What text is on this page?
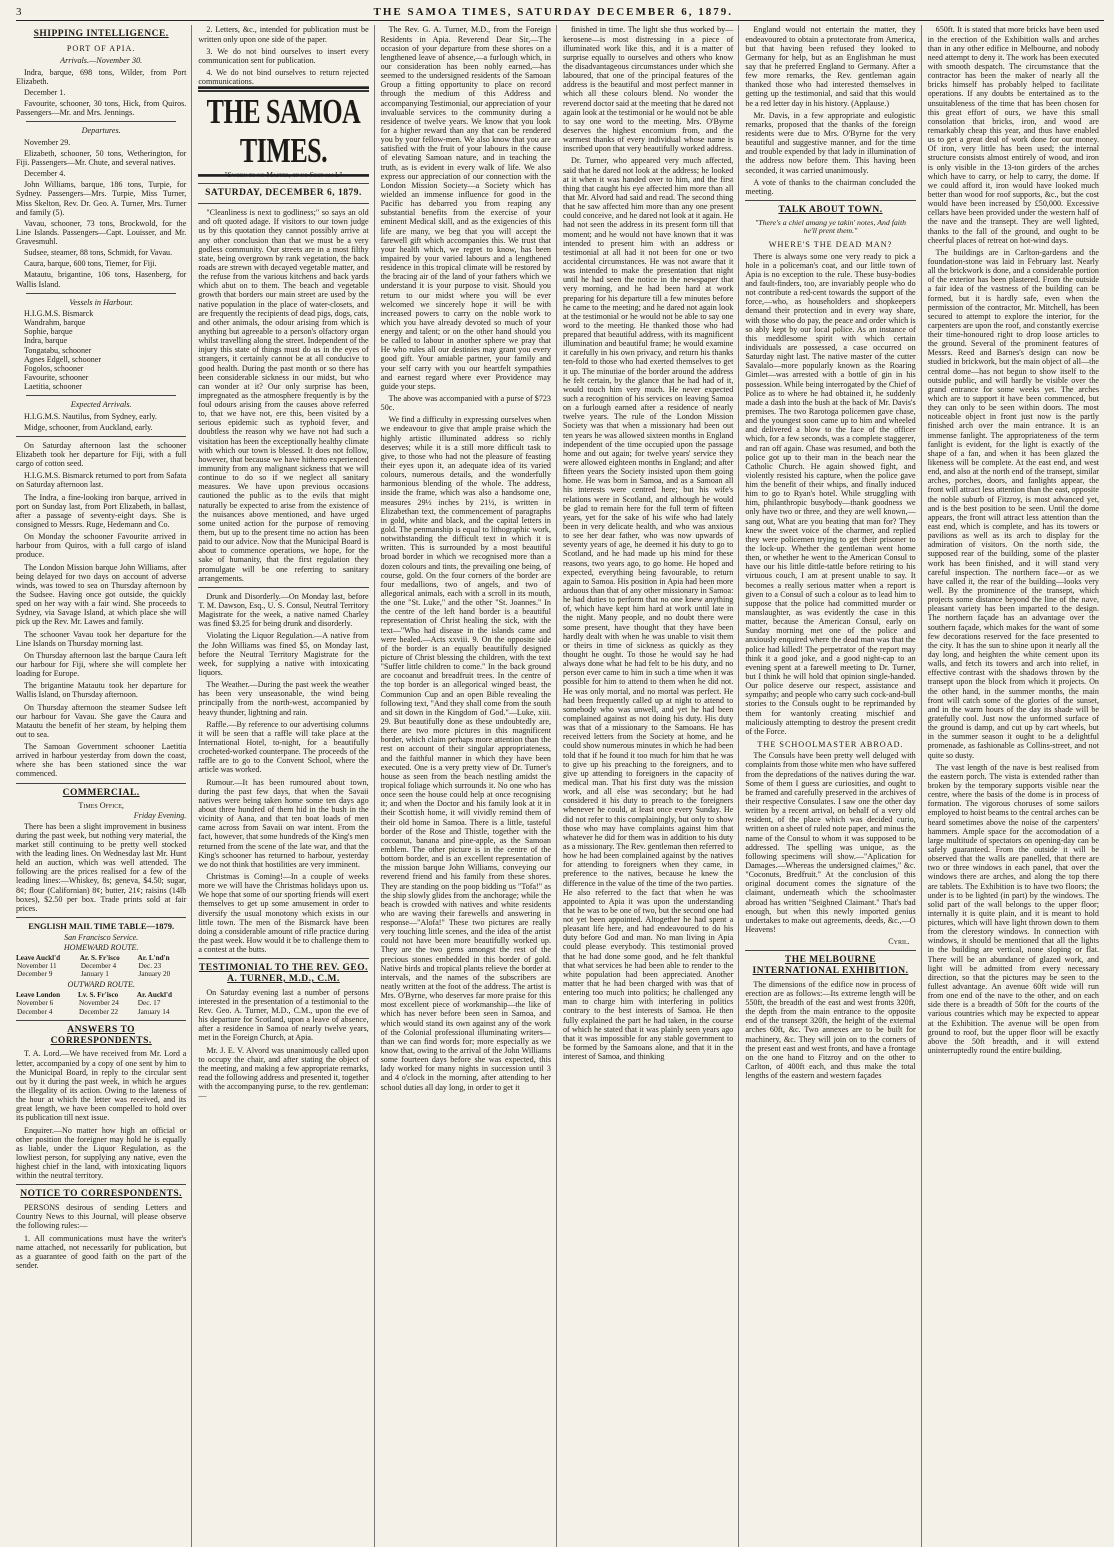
3	THE SAMOA TIMES, SATURDAY DECEMBER 6, 1879.
SHIPPING INTELLIGENCE.
PORT OF APIA.
Arrivals.—November 30.
Indra, barque, 698 tons, Wilder, from Port Elizabeth.
December 1.
Favourite, schooner, 30 tons, Hick, from Quiros. Passengers—Mr. and Mrs. Jennings.
Departures.
November 29.
Elizabeth, schooner, 50 tons, Wetherington, for Fiji. Passengers—Mr. Chute, and several natives.
December 4.
John Williams, barque, 186 tons, Turpie, for Sydney. Passengers—Mrs. Turpie, Miss Turner, Miss Skelton, Rev. Dr. Geo. A. Turner, Mrs. Turner and family (5).
Vavau, schooner, 73 tons, Brockwold, for the Line Islands. Passengers—Capt. Louisser, and Mr. Gravesmuhl.
Sudsee, steamer, 88 tons, Schmidt, for Vavau.
Caura, barque, 600 tons, Tiemer, for Fiji.
Matautu, brigantine, 106 tons, Hasenberg, for Wallis Island.
Vessels in Harbour.
H.I.G.M.S. Bismarck
Wandrahm, barque
Sophie, barque
Indra, barque
Tongatabu, schooner
Agnes Edgell, schooner
Fogolos, schooner
Favourite, schooner
Laetitia, schooner
Expected Arrivals.
H.I.G.M.S. Nautilus, from Sydney, early.
Midge, schooner, from Auckland, early.

On Saturday afternoon last the schooner Elizabeth took her departure for Fiji, with a full cargo of cotton seed.

H.I.G.M.S. Bismarck returned to port from Safata on Saturday afternoon last.

The Indra, a fine-looking iron barque, arrived in port on Sunday last, from Port Elizabeth, in ballast, after a passage of seventy-eight days. She is consigned to Messrs. Ruge, Hedemann and Co.

On Monday the schooner Favourite arrived in harbour from Quiros, with a full cargo of island produce.

The London Mission barque John Williams, after being delayed for two days on account of adverse winds, was towed to sea on Thursday afternoon by the Sudsee. Having once got outside, the quickly sped on her way with a fair wind. She proceeds to Sydney, via Savage Island, at which place she will pick up the Rev. Mr. Lawes and family.

The schooner Vavau took her departure for the Line Islands on Thursday morning last.

On Thursday afternoon last the barque Caura left our harbour for Fiji, where she will complete her loading for Europe.

The brigantine Matautu took her departure for Wallis Island, on Thursday afternoon.

On Thursday afternoon the steamer Sudsee left our harbour for Vavau. She gave the Caura and Matautu the benefit of her steam, by helping them out to sea.

The Samoan Government schooner Laetitia arrived in harbour yesterday from down the coast, where she has been stationed since the war commenced.

COMMERCIAL.
Times Office,
Friday Evening.

There has been a slight improvement in business during the past week, but nothing very material, the market still continuing to be pretty well stocked with the leading lines. On Wednesday last Mr. Hunt held an auction, which was well attended. The following are the prices realised for a few of the leading lines:—Whiskey, 8s; geneva, $4.50; sugar, 8¢; flour (Californian) 8¢; butter, 21¢; raisins (14lb boxes), $2.50 per box. Trade prints sold at fair prices.

ENGLISH MAIL TIME TABLE—1879.
San Francisco Service.
HOMEWARD ROUTE.
Leave Auckl'd	Ar. S. Fr'isco	Ar. L'nd'n
November 11	December 4	Dec. 23
December 9	January 1	January 20
OUTWARD ROUTE.
Leave London	Lv. S. Fr'isco	Ar. Auckl'd
November 6	November 24	Dec. 17
December 4	December 22	January 14
ANSWERS TO CORRESPONDENTS.

T. A. Lord.—We have received from Mr. Lord a letter, accompanied by a copy of one sent by him to the Municipal Board, in reply to the circular sent out by it during the past week, in which he argues the illegality of its action. Owing to the lateness of the hour at which the letter was received, and its great length, we have been compelled to hold over its publication till next issue.

Enquirer.—No matter how high an official or other position the foreigner may hold he is equally as liable, under the Liquor Regulation, as the lowliest person, for supplying any native, even the highest chief in the land, with intoxicating liquors within the neutral territory.

NOTICE TO CORRESPONDENTS.

PERSONS desirous of sending Letters and Country News to this Journal, will please observe the following rules:—

1. All communications must have the writer's name attached, not necessarily for publication, but as a guarantee of good faith on the part of the sender.

2. Letters, &c., intended for publication must be written only upon one side of the paper.

3. We do not bind ourselves to insert every communication sent for publication.

4. We do not bind ourselves to return rejected communications.

THE SAMOA TIMES.
"Sworn to no Master, of no Sect am I."
SATURDAY, DECEMBER 6, 1879.

"Cleanliness is next to godliness;" so says an old and oft quoted adage. If visitors to our town judge us by this quotation they cannot possibly arrive at any other conclusion than that we must be a very godless community. Our streets are in a most filthy state, being overgrown by rank vegetation, the back roads are strewn with decayed vegetable matter, and the refuse from the various kitchens and back yards which abut on to them. The beach and vegetable growth that borders our main street are used by the native population in the place of water-closets, and are frequently the recipients of dead pigs, dogs, cats, and other animals, the odour arising from which is anything but agreeable to a person's olfactory organ whilst travelling along the street. Independent of the injury this state of things must do us in the eyes of strangers, it certainly cannot be at all conducive to good health. During the past month or so there has been considerable sickness in our midst, but who can wonder at it? Our only surprise has been, impregnated as the atmosphere frequently is by the foul odours arising from the causes above referred to, that we have not, ere this, been visited by a serious epidemic such as typhoid fever, and doubtless the reason why we have not had such a visitation has been the exceptionally healthy climate with which our town is blessed. It does not follow, however, that because we have hitherto experienced immunity from any malignant sickness that we will continue to do so if we neglect all sanitary measures. We have upon previous occasions cautioned the public as to the evils that might naturally be expected to arise from the existence of the nuisances above mentioned, and have urged some united action for the purpose of removing them, but up to the present time no action has been paid to our advice. Now that the Municipal Board is about to commence operations, we hope, for the sake of humanity, that the first regulation they promulgate will be one referring to sanitary arrangements.

Drunk and Disorderly.—On Monday last, before T. M. Dawson, Esq., U. S. Consul, Neutral Territory Magistrate for the week, a native named Charley was fined $3.25 for being drunk and disorderly.

Violating the Liquor Regulation.—A native from the John Williams was fined $5, on Monday last, before the Neutral Territory Magistrate for the week, for supplying a native with intoxicating liquors.

The Weather.—During the past week the weather has been very unseasonable, the wind being principally from the north-west, accompanied by heavy thunder, lightning and rain.

Raffle.—By reference to our advertising columns it will be seen that a raffle will take place at the International Hotel, to-night, for a beautifully crocheted-worked counterpane. The proceeds of the raffle are to go to the Convent School, where the article was worked.

Rumour.—It has been rumoured about town, during the past few days, that when the Savaii natives were being taken home some ten days ago about three hundred of them hid in the bush in the vicinity of Aana, and that ten boat loads of men came across from Savaii on war intent. From the fact, however, that some hundreds of the King's men returned from the scene of the late war, and that the King's schooner has returned to harbour, yesterday we do not think that hostilities are very imminent.

Christmas is Coming!—In a couple of weeks more we will have the Christmas holidays upon us. We hope that some of our sporting friends will exert themselves to get up some amusement in order to diversify the usual monotony which exists in our little town. The men of the Bismarck have been doing a considerable amount of rifle practice during the past week. How would it be to challenge them to a contest at the butts.

TESTIMONIAL TO THE REV. GEO. A. TURNER, M.D., C.M.

On Saturday evening last a number of persons interested in the presentation of a testimonial to the Rev. Geo. A. Turner, M.D., C.M., upon the eve of his departure for Scotland, upon a leave of absence, after a residence in Samoa of nearly twelve years, met in the Foreign Church, at Apia.

Mr. J. E. V. Alvord was unanimously called upon to occupy the chair, and after stating the object of the meeting, and making a few appropriate remarks, read the following address and presented it, together with the accompanying purse, to the rev. gentleman:—

The Rev. G. A. Turner, M.D., from the Foreign Residents in Apia. Reverend Dear Sir,—The occasion of your departure from these shores on a lengthened leave of absence,—a furlough which, in our consideration has been nobly earned,—has seemed to the undersigned residents of the Samoan Group a fitting opportunity to place on record through the medium of this Address and accompanying Testimonial, our appreciation of your invaluable services to the community during a residence of twelve years. We know that you look for a higher reward than any that can be rendered you by your fellow-men. We also know that you are satisfied with the fruit of your labours in the cause of elevating Samoan nature, and in teaching the truth, as is evident in every walk of life. We also express our appreciation of our connection with the London Mission Society—a Society which has wielded an immense influence for good in the Pacific has debarred you from reaping any substantial benefits from the exercise of your eminent Medical skill, and as the exigencies of this life are many, we beg that you will accept the farewell gift which accompanies this. We trust that your health which, we regret to know, has been impaired by your varied labours and a lengthened residence in this tropical climate will be restored by the bracing air of the land of your fathers which we understand it is your purpose to visit. Should you return to our midst where you will be ever welcomed we sincerely hope it will be with increased powers to carry on the noble work to which you have already devoted so much of your energy and talent; or on the other hand should you be called to labour in another sphere we pray that He who rules all our destinies may grant you every good gift. Your amiable partner, your family and your self carry with you our heartfelt sympathies and earnest regard where ever Providence may guide your steps.

The above was accompanied with a purse of $723 50c.

We find a difficulty in expressing ourselves when we endeavour to give that ample praise which the highly artistic illuminated address so richly deserves; while it is a still more difficult task to give, to those who had not the pleasure of feasting their eyes upon it, an adequate idea of its varied colours, numerous details, and the wonderfully harmonious blending of the whole. The address, inside the frame, which was also a handsome one, measures 29½ inches by 21½, is written in Elizabethan text, the commencement of paragraphs in gold, white and black, and the capital letters in gold. The penmanship is equal to lithographic work, notwithstanding the difficult text in which it is written. This is surrounded by a most beautiful broad border in which we recognised more than a dozen colours and tints, the prevailing one being, of course, gold. On the four corners of the border are four medallions, two of angels, and two of allegorical animals, each with a scroll in its mouth, the one "St. Luke," and the other "St. Joannes." In the centre of the left hand border is a beautiful representation of Christ healing the sick, with the text—"Who had disease in the islands came and were healed.—Acts xxviii. 9. On the opposite side of the border is an equally beautifully designed picture of Christ blessing the children, with the text "Suffer little children to come." In the back ground are cocoanut and breadfruit trees. In the centre of the top border is an allegorical winged beast, the Communion Cup and an open Bible revealing the following text, "And they shall come from the south and sit down in the Kingdom of God."—Luke, xiii. 29. But beautifully done as these undoubtedly are, there are two more pictures in this magnificent border, which claim perhaps more attention than the rest on account of their singular appropriateness, and the faithful manner in which they have been executed. One is a very pretty view of Dr. Turner's house as seen from the beach nestling amidst the tropical foliage which surrounds it. No one who has once seen the house could help at once recognising it; and when the Doctor and his family look at it in their Scottish home, it will vividly remind them of their old home in Samoa. There is a little, tasteful border of the Rose and Thistle, together with the cocoanut, banana and pine-apple, as the Samoan emblem. The other picture is in the centre of the bottom border, and is an excellent representation of the mission barque John Williams, conveying our reverend friend and his family from these shores. They are standing on the poop bidding us "Tofa!" as the ship slowly glides from the anchorage; while the beach is crowded with natives and white residents who are waving their farewells and answering in response—"Alofa!" These two pictures are really very touching little scenes, and the idea of the artist could not have been more beautifully worked up. They are the two gems amongst the rest of the precious stones embedded in this border of gold. Native birds and tropical plants relieve the border at intervals, and the names of the subscribers are neatly written at the foot of the address. The artist is Mrs. O'Byrne, who deserves far more praise for this most excellent piece of workmanship—the like of which has never before been seen in Samoa, and which would stand its own against any of the work of the Colonial professional illuminating writers—than we can find words for; more especially as we know that, owing to the arrival of the John Williams some fourteen days before she was expected, this lady worked for many nights in succession until 3 and 4 o'clock in the morning, after attending to her school duties all day long, in order to get it

finished in time. The light she thus worked by—kerosene—is most distressing in a piece of illuminated work like this, and it is a matter of surprise equally to ourselves and others who know the disadvantageous circumstances under which she laboured, that one of the principal features of the address is the beautiful and most perfect manner in which all these colours blend. No wonder the reverend doctor said at the meeting that he dared not again look at the testimonial or he would not be able to say one word to the meeting. Mrs. O'Byrne deserves the highest encomium from, and the warmest thanks of every individual whose name is inscribed upon that very beautifully worked address.

Dr. Turner, who appeared very much affected, said that he dared not look at the address; he looked at it when it was handed over to him, and the first thing that caught his eye affected him more than all that Mr. Alvord had said and read. The second thing that he saw affected him more than any one present could conceive, and he dared not look at it again. He had not seen the address in its present form till that moment; and he would not have known that it was intended to present him with an address or testimonial at all had it not been for one or two accidental circumstances. He was not aware that it was intended to make the presentation that night until he had seen the notice in the newspaper that very morning, and he had been hard at work preparing for his departure till a few minutes before he came to the meeting; and he dared not again look at the testimonial or he would not be able to say one word to the meeting. He thanked those who had prepared that beautiful address, with its magnificent illumination and beautiful frame; he would examine it carefully in his own privacy, and return his thanks ten-fold to those who had exerted themselves to get it up. The minutiae of the border around the address he felt certain, by the glance that he had had of it, would touch him very much. He never expected such a recognition of his services on leaving Samoa on a furlough earned after a residence of nearly twelve years. The rule of the London Mission Society was that when a missionary had been out ten years he was allowed sixteen months in England independent of the time occupied upon the passage home and out again; for twelve years' service they were allowed eighteen months in England; and after fifteen years the Society insisted upon them going home. He was born in Samoa, and as a Samoan all his interests were centred here; but his wife's relations were in Scotland, and although he would be glad to remain here for the full term of fifteen years, yet for the sake of his wife who had lately been in very delicate health, and who was anxious to see her dear father, who was now upwards of seventy years of age, he deemed it his duty to go to Scotland, and he had made up his mind for these reasons, two years ago, to go home. He hoped and expected, everything being favourable, to return again to Samoa. His position in Apia had been more arduous than that of any other missionary in Samoa: he had duties to perform that no one knew anything of, which have kept him hard at work until late in the night. Many people, and no doubt there were some present, have thought that they have been hardly dealt with when he was unable to visit them or theirs in time of sickness as quickly as they thought he ought. To those he would say he had always done what he had felt to be his duty, and no person ever came to him in such a time when it was possible for him to attend to them when he did not. He was only mortal, and no mortal was perfect. He had been frequently called up at night to attend to somebody who was unwell, and yet he had been complained against as not doing his duty. His duty was that of a missionary to the Samoans. He has received letters from the Society at home, and he could show numerous minutes in which he had been told that if he found it too much for him that he was to give up his preaching to the foreigners, and to give up attending to foreigners in the capacity of medical man. That his first duty was the mission work, and all else was secondary; but he had considered it his duty to preach to the foreigners whenever he could, at least once every Sunday. He did not refer to this complainingly, but only to show those who may have complaints against him that whatever he did for them was in addition to his duty as a missionary. The Rev. gentleman then referred to how he had been complained against by the natives for attending to foreigners when they came, in preference to the natives, because he knew the difference in the value of the time of the two parties. He also referred to the fact that when he was appointed to Apia it was upon the understanding that he was to be one of two, but the second one had not yet been appointed. Altogether he had spent a pleasant life here, and had endeavoured to do his duty before God and man. No man living in Apia could please everybody. This testimonial proved that he had done some good, and he felt thankful that what services he had been able to render to the white population had been appreciated. Another matter that he had been charged with was that of entering too much into politics; he challenged any man to charge him with interfering in politics contrary to the best interests of Samoa. He then fully explained the part he had taken, in the course of which he stated that it was plainly seen years ago that it was impossible for any stable government to be formed by the Samoans alone, and that it in the interest of Samoa, and thinking

England would not entertain the matter, they endeavoured to obtain a protectorate from America, but that having been refused they looked to Germany for help, but as an Englishman he must say that he preferred England to Germany. After a few more remarks, the Rev. gentleman again thanked those who had interested themselves in getting up the testimonial, and said that this would be a red letter day in his history. (Applause.)

Mr. Davis, in a few appropriate and eulogistic remarks, proposed that the thanks of the foreign residents were due to Mrs. O'Byrne for the very beautiful and suggestive manner, and for the time and trouble expended by that lady in illumination of the address now before them. This having been seconded, it was carried unanimously.

A vote of thanks to the chairman concluded the meeting.

TALK ABOUT TOWN.
"There's a chiel amang ye takin' notes, And faith he'll prent them."
WHERE'S THE DEAD MAN?

There is always some one very ready to pick a hole in a policeman's coat, and our little town of Apia is no exception to the rule. These busy-bodies and fault-finders, too, are invariably people who do not contribute a red-cent towards the support of the force,—who, as householders and shopkeepers demand their protection and in every way share, with those who do pay, the peace and order which is so ably kept by our local police. As an instance of this meddlesome spirit with which certain individuals are possessed, a case occurred on Saturday night last. The native master of the cutter Savalalo—more popularly known as the Roaring Gimlet—was arrested with a bottle of gin in his possession. While being interrogated by the Chief of Police as to where he had obtained it, he suddenly made a dash into the bush at the back of Mr. Davis's premises. The two Rarotoga policemen gave chase, and the youngest soon came up to him and wheeled and delivered a blow to the face of the officer which, for a few seconds, was a complete staggerer, and ran off again. Chase was resumed, and both the police got up to their man in the beach near the Catholic Church. He again showed fight, and violently resisted his capture, when the police gave him the benefit of their whips, and finally induced him to go to Ryan's hotel. While struggling with him, philanthropic busybody—thank goodness we only have two or three, and they are well known,—sang out, What are you beating that man for? They knew the sweet voice of the charmer, and replied they were policemen trying to get their prisoner to the lock-up. Whether the gentleman went home then, or whether he went to the American Consul to have our his little dittle-tattle before retiring to his virtuous couch, I am at present unable to say. It becomes a really serious matter when a report is given to a Consul of such a colour as to lead him to suppose that the police had committed murder or manslaughter, as was evidently the case in this matter, because the American Consul, early on Sunday morning met one of the police and anxiously enquired where the dead man was that the police had killed! The perpetrator of the report may think it a good joke, and a good night-cap to an evening spent at a farewell meeting to Dr. Turner, but I think he will hold that opinion single-handed. Our police deserve our respect, assistance and sympathy; and people who carry such cock-and-bull stories to the Consuls ought to be reprimanded by them for wantonly creating mischief and maliciously attempting to destroy the present credit of the Force.

THE SCHOOLMASTER ABROAD.

The Consuls have been pretty well deluged with complaints from those white men who have suffered from the depredations of the natives during the war. Some of them I guess are curiosities, and ought to be framed and carefully preserved in the archives of their respective Consulates. I saw one the other day written by a recent arrival, on behalf of a very old resident, of the place which was decided curio, written on a sheet of ruled note paper, and minus the name of the Consul to whom it was supposed to be addressed. The spelling was unique, as the following specimens will show.—"Aplication for Damages.—Whereas the undersigned claimes," &c. "Coconuts, Bredfruit." At the conclusion of this original document comes the signature of the claimant, underneath which the schoolmaster abroad has written "Seighned Claimant." That's bad enough, but when this newly imported genius undertakes to make out agreements, deeds, &c.,—O Heavens!

Cyril.
THE MELBOURNE INTERNATIONAL EXHIBITION.

The dimensions of the edifice now in process of erection are as follows:—Its extreme length will be 550ft, the breadth of the east and west fronts 320ft, the depth from the main entrance to the opposite end of the transept 320ft, the height of the external arches 60ft, &c. Two annexes are to be built for machinery, &c. They will join on to the corners of the present east and west fronts, and have a frontage on the one hand to Fitzroy and on the other to Carlton, of 400ft each, and thus make the total lengths of the eastern and western façades

650ft. It is stated that more bricks have been used in the erection of the Exhibition walls and arches than in any other edifice in Melbourne, and nobody need attempt to deny it. The work has been executed with smooth despatch. The circumstance that the contractor has been the maker of nearly all the bricks himself has probably helped to facilitate operations. If any doubts be entertained as to the unsuitableness of the time that has been chosen for this great effort of ours, we have this small consolation that bricks, iron, and wood are remarkably cheap this year, and thus have enabled us to get a great deal of work done for our money. Of iron, very little has been used; the internal structure consists almost entirely of wood, and iron is only visible in the 13-ton girders of the arches which have to carry, or help to carry, the dome. If we could afford it, iron would have looked much better than wood for roof supports, &c., but the cost would have been increased by £50,000. Excessive cellars have been provided under the western half of the nave and the transept. They are well lighted, thanks to the fall of the ground, and ought to be cheerful places of retreat on hot-wind days.

The buildings are in Carlton-gardens and the foundation-stone was laid in February last. Nearly all the brickwork is done, and a considerable portion of the exterior has been plastered. From the outside a fair idea of the vastness of the building can be formed, but it is hardly safe, even when the permission of the contractor, Mr. Mitchell, has been secured to attempt to explore the interior, for the carpenters are upon the roof, and constantly exercise their time-honoured right to drop loose articles to the ground. Several of the prominent features of Messrs. Reed and Barnes's design can now be studied in brickwork, but the main object of all—the central dome—has not begun to show itself to the outside public, and will hardly be visible over the grand entrance for some weeks yet. The arches which are to support it have been commenced, but they can only to be seen within doors. The most noticeable object in front just now is the partly finished arch over the main entrance. It is an immense fanlight. The appropriateness of the term fanlight is evident, for the light is exactly of the shape of a fan, and when it has been glazed the likeness will be complete. At the east end, and west end, and also at the north end of the transept, similar arches, porches, doors, and fanlights appear, the front will attract less attention than the east, opposite the noble suburb of Fitzroy, is most advanced yet, and is the best position to be seen. Until the dome appears, the front will attract less attention than the east end, which is complete, and has its towers or pavilions as well as its arch to display for the admiration of visitors. On the north side, the supposed rear of the building, some of the plaster work has been finished, and it will stand very careful inspection. The northern face—or as we have called it, the rear of the building—looks very well. By the prominence of the transept, which projects some distance beyond the line of the nave, pleasant variety has been imparted to the design. The northern façade has an advantage over the southern façade, which makes for the want of some few decorations reserved for the face presented to the city. It has the sun to shine upon it nearly all the day long, and heighten the white cement upon its walls, and fetch its towers and arch into relief, in effective contrast with the shadows thrown by the transept upon the block from which it projects. On the other hand, in the summer months, the main front will catch some of the glories of the sunset, and in the warm hours of the day its shade will be gratefully cool. Just now the unformed surface of the ground is damp, and cut up by cart wheels, but in the summer season it ought to be a delightful promenade, as fashionable as Collins-street, and not quite so dusty.

The vast length of the nave is best realised from the eastern porch. The vista is extended rather than broken by the temporary supports visible near the centre, where the basis of the dome is in process of formation. The vigorous choruses of some sailors employed to hoist beams to the central arches can be heard sometimes above the noise of the carpenters' hammers. Ample space for the accomodation of a large multitude of spectators on opening-day can be safely guaranteed. From the outside it will be observed that the walls are panelled, that there are two or three windows in each panel, that over the windows there are arches, and along the top there are tablets. The Exhibition is to have two floors; the under is to be lighted (in part) by the windows. The solid part of the wall belongs to the upper floor; internally it is quite plain, and it is meant to hold pictures, which will have light thrown down to them from the clerestory windows. In connection with windows, it should be mentioned that all the lights in the building are vertical, none sloping or flat. There will be an abundance of glazed work, and light will be admitted from every necessary direction, so that the pictures may be seen to the fullest advantage. An avenue 60ft wide will run from one end of the nave to the other, and on each side there is a breadth of 50ft for the courts of the various countries which may be expected to appear at the Exhibition. The avenue will be open from ground to roof, but the upper floor will be exactly above the 50ft breadth, and it will extend uninterruptedly round the entire building.
